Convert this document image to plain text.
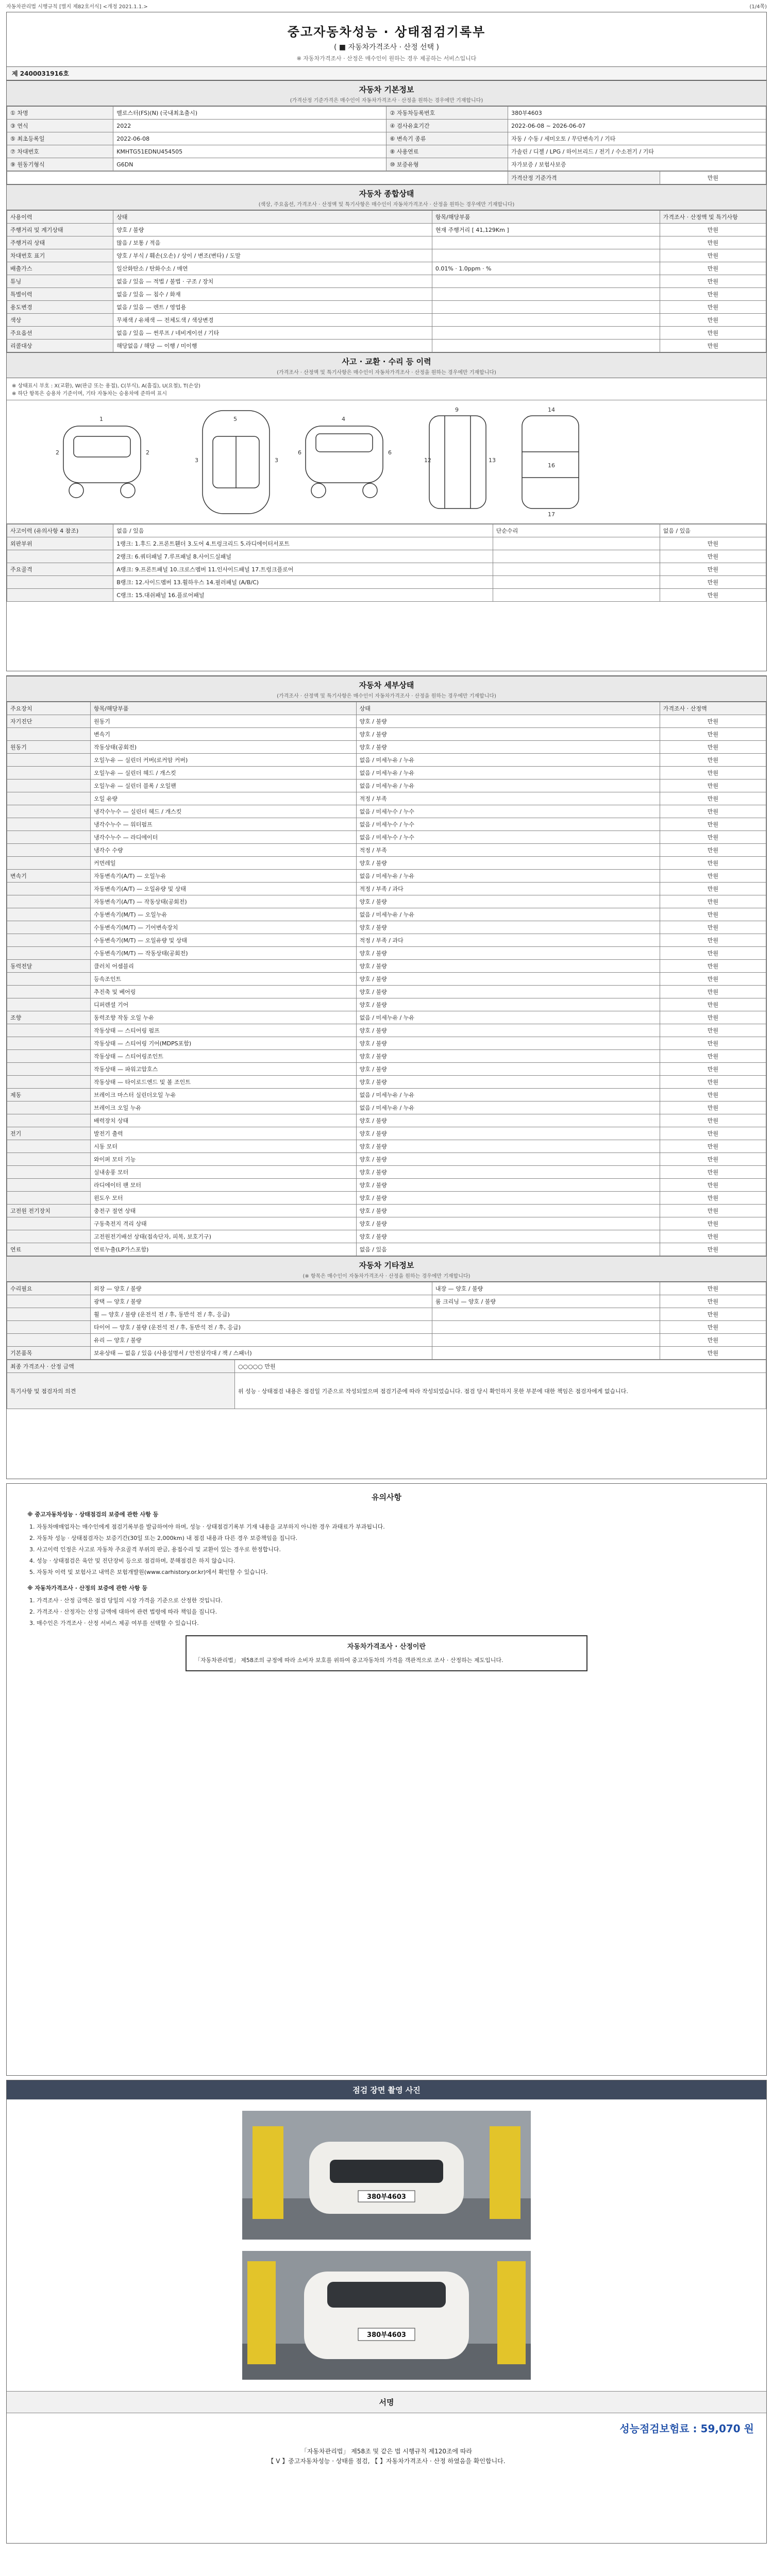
자동차관리법 시행규칙 [별지 제82호서식] <개정 2021.1.1.>	(1/4쪽)
중고자동차성능 · 상태점검기록부
( ■ 자동차가격조사 · 산정 선택 )
※ 자동차가격조사 · 산정은 매수인이 원하는 경우 제공하는 서비스입니다
제 2400031916호
자동차 기본정보
(가격산정 기준가격은 매수인이 자동차가격조사 · 산정을 원하는 경우에만 기재합니다)
① 차명	벨로스터(FS)(N) (국내최초출시)	② 자동차등록번호	380부4603
③ 연식	2022	④ 검사유효기간	2022-06-08 ~ 2026-06-07
⑤ 최초등록일	2022-06-08	⑥ 변속기 종류	자동 / 수동 / 세미오토 / 무단변속기 / 기타
⑦ 차대번호	KMHTG51EDNU454505	⑧ 사용연료	가솔린 / 디젤 / LPG / 하이브리드 / 전기 / 수소전기 / 기타
⑨ 원동기형식	G6DN	⑩ 보증유형	자가보증 / 보험사보증
	가격산정 기준가격	만원
자동차 종합상태
(색상, 주요옵션, 가격조사 · 산정액 및 특기사항은 매수인이 자동차가격조사 · 산정을 원하는 경우에만 기재합니다)
사용이력	상태	항목/해당부품	가격조사 · 산정액 및 특기사항
주행거리 및 계기상태	양호 / 불량	현재 주행거리 [ 41,129Km ]	만원
주행거리 상태	많음 / 보통 / 적음		만원
차대번호 표기	양호 / 부식 / 훼손(오손) / 상이 / 변조(변타) / 도말		만원
배출가스	일산화탄소 / 탄화수소 / 매연	0.01% · 1.0ppm · %	만원
튜닝	없음 / 있음 — 적법 / 불법 · 구조 / 장치		만원
특별이력	없음 / 있음 — 침수 / 화재		만원
용도변경	없음 / 있음 — 렌트 / 영업용		만원
색상	무채색 / 유채색 — 전체도색 / 색상변경		만원
주요옵션	없음 / 있음 — 썬루프 / 네비게이션 / 기타		만원
리콜대상	해당없음 / 해당 — 이행 / 미이행		만원
사고 · 교환 · 수리 등 이력
(가격조사 · 산정액 및 특기사항은 매수인이 자동차가격조사 · 산정을 원하는 경우에만 기재합니다)
※ 상태표시 부호 : X(교환), W(판금 또는 용접), C(부식), A(흠집), U(요철), T(손상)
※ 하단 항목은 승용차 기준이며, 기타 자동차는 승용차에 준하여 표시
1
2	2
5
3	3
4
6	6
9
12	13
14
16
17
사고이력 (유의사항 4 참조)	없음 / 있음	단순수리	없음 / 있음
외판부위	1랭크: 1.후드 2.프론트휀더 3.도어 4.트렁크리드 5.라디에이터서포트		만원
	2랭크: 6.쿼터패널 7.루프패널 8.사이드실패널		만원
주요골격	A랭크: 9.프론트패널 10.크로스멤버 11.인사이드패널 17.트렁크플로어		만원
	B랭크: 12.사이드멤버 13.휠하우스 14.필러패널 (A/B/C)		만원
	C랭크: 15.대쉬패널 16.플로어패널		만원
자동차 세부상태
(가격조사 · 산정액 및 특기사항은 매수인이 자동차가격조사 · 산정을 원하는 경우에만 기재합니다)
주요장치	항목/해당부품	상태	가격조사 · 산정액
자기진단	원동기	양호 / 불량	만원
	변속기	양호 / 불량	만원
원동기	작동상태(공회전)	양호 / 불량	만원
	오일누유 — 실린더 커버(로커암 커버)	없음 / 미세누유 / 누유	만원
	오일누유 — 실린더 헤드 / 개스킷	없음 / 미세누유 / 누유	만원
	오일누유 — 실린더 블록 / 오일팬	없음 / 미세누유 / 누유	만원
	오일 유량	적정 / 부족	만원
	냉각수누수 — 실린더 헤드 / 개스킷	없음 / 미세누수 / 누수	만원
	냉각수누수 — 워터펌프	없음 / 미세누수 / 누수	만원
	냉각수누수 — 라디에이터	없음 / 미세누수 / 누수	만원
	냉각수 수량	적정 / 부족	만원
	커먼레일	양호 / 불량	만원
변속기	자동변속기(A/T) — 오일누유	없음 / 미세누유 / 누유	만원
	자동변속기(A/T) — 오일유량 및 상태	적정 / 부족 / 과다	만원
	자동변속기(A/T) — 작동상태(공회전)	양호 / 불량	만원
	수동변속기(M/T) — 오일누유	없음 / 미세누유 / 누유	만원
	수동변속기(M/T) — 기어변속장치	양호 / 불량	만원
	수동변속기(M/T) — 오일유량 및 상태	적정 / 부족 / 과다	만원
	수동변속기(M/T) — 작동상태(공회전)	양호 / 불량	만원
동력전달	클러치 어셈블리	양호 / 불량	만원
	등속조인트	양호 / 불량	만원
	추진축 및 베어링	양호 / 불량	만원
	디퍼렌셜 기어	양호 / 불량	만원
조향	동력조향 작동 오일 누유	없음 / 미세누유 / 누유	만원
	작동상태 — 스티어링 펌프	양호 / 불량	만원
	작동상태 — 스티어링 기어(MDPS포함)	양호 / 불량	만원
	작동상태 — 스티어링조인트	양호 / 불량	만원
	작동상태 — 파워고압호스	양호 / 불량	만원
	작동상태 — 타이로드엔드 및 볼 조인트	양호 / 불량	만원
제동	브레이크 마스터 실린더오일 누유	없음 / 미세누유 / 누유	만원
	브레이크 오일 누유	없음 / 미세누유 / 누유	만원
	배력장치 상태	양호 / 불량	만원
전기	발전기 출력	양호 / 불량	만원
	시동 모터	양호 / 불량	만원
	와이퍼 모터 기능	양호 / 불량	만원
	실내송풍 모터	양호 / 불량	만원
	라디에이터 팬 모터	양호 / 불량	만원
	윈도우 모터	양호 / 불량	만원
고전원 전기장치	충전구 절연 상태	양호 / 불량	만원
	구동축전지 격리 상태	양호 / 불량	만원
	고전원전기배선 상태(접속단자, 피복, 보호기구)	양호 / 불량	만원
연료	연료누출(LP가스포함)	없음 / 있음	만원
자동차 기타정보
(※ 항목은 매수인이 자동차가격조사 · 산정을 원하는 경우에만 기재합니다)
수리필요	외장 — 양호 / 불량	내장 — 양호 / 불량	만원
	광택 — 양호 / 불량	룸 크리닝 — 양호 / 불량	만원
	휠 — 양호 / 불량 (운전석 전 / 후, 동반석 전 / 후, 응급)		만원
	타이어 — 양호 / 불량 (운전석 전 / 후, 동반석 전 / 후, 응급)		만원
	유리 — 양호 / 불량		만원
기본품목	보유상태 — 없음 / 있음 (사용설명서 / 안전삼각대 / 잭 / 스패너)		만원
최종 가격조사 · 산정 금액	○○○○○ 만원
특기사항 및 점검자의 의견	위 성능 · 상태점검 내용은 점검일 기준으로 작성되었으며 점검기준에 따라 작성되었습니다. 점검 당시 확인하지 못한 부분에 대한 책임은 점검자에게 없습니다.
유의사항
※ 중고자동차성능 · 상태점검의 보증에 관한 사항 등
1. 자동차매매업자는 매수인에게 점검기록부를 발급하여야 하며, 성능 · 상태점검기록부 기재 내용을 교부하지 아니한 경우 과태료가 부과됩니다.
2. 자동차 성능 · 상태점검자는 보증기간(30일 또는 2,000km) 내 점검 내용과 다른 경우 보증책임을 집니다.
3. 사고이력 인정은 사고로 자동차 주요골격 부위의 판금, 용접수리 및 교환이 있는 경우로 한정합니다.
4. 성능 · 상태점검은 육안 및 진단장비 등으로 점검하며, 분해점검은 하지 않습니다.
5. 자동차 이력 및 보험사고 내역은 보험개발원(www.carhistory.or.kr)에서 확인할 수 있습니다.
※ 자동차가격조사 · 산정의 보증에 관한 사항 등
1. 가격조사 · 산정 금액은 점검 당일의 시장 가격을 기준으로 산정한 것입니다.
2. 가격조사 · 산정자는 산정 금액에 대하여 관련 법령에 따라 책임을 집니다.
3. 매수인은 가격조사 · 산정 서비스 제공 여부를 선택할 수 있습니다.
자동차가격조사 · 산정이란
「자동차관리법」 제58조의 규정에 따라 소비자 보호를 위하여 중고자동차의 가격을 객관적으로 조사 · 산정하는 제도입니다.
점검 장면 촬영 사진
380부4603
380부4603
서명
성능점검보험료 : 59,070 원
「자동차관리법」 제58조 및 같은 법 시행규칙 제120조에 따라
【 V 】중고자동차성능 · 상태를 점검, 【 】자동차가격조사 · 산정 하였음을 확인합니다.
